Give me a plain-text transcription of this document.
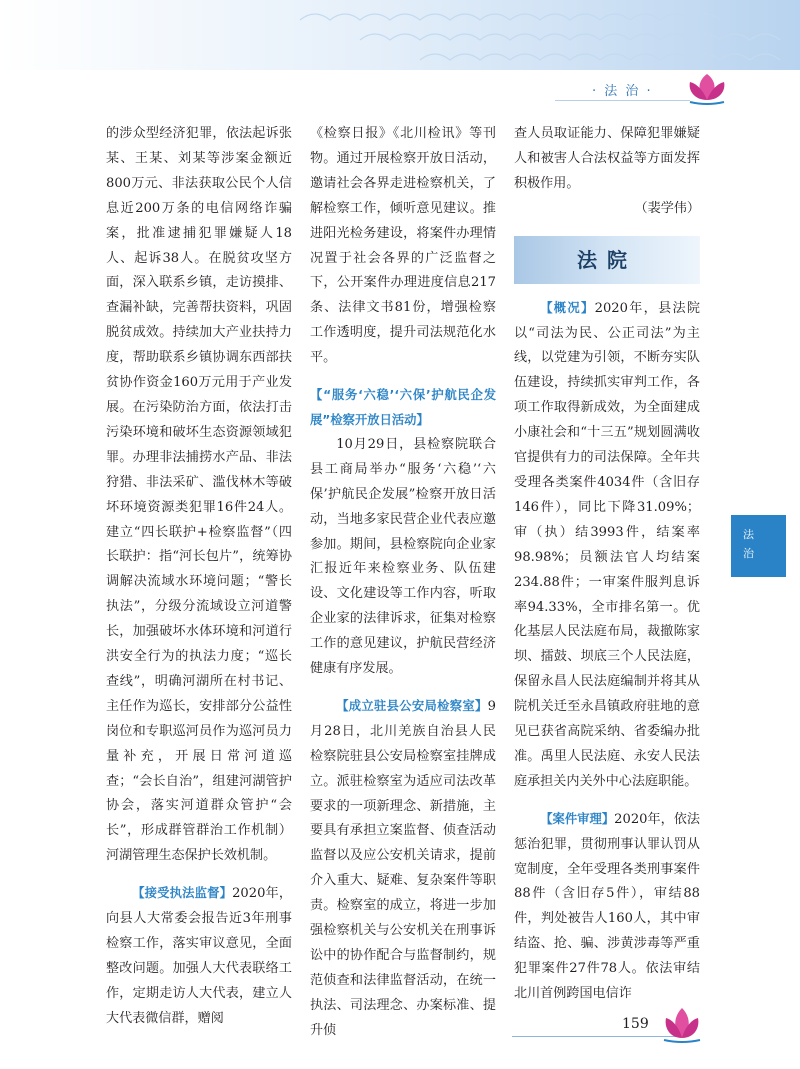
· 法 治 ·

的涉众型经济犯罪，依法起诉张某、王某、刘某等涉案金额近800万元、非法获取公民个人信息近200万条的电信网络诈骗案，批准逮捕犯罪嫌疑人18人、起诉38人。在脱贫攻坚方面，深入联系乡镇，走访摸排、查漏补缺，完善帮扶资料，巩固脱贫成效。持续加大产业扶持力度，帮助联系乡镇协调东西部扶贫协作资金160万元用于产业发展。在污染防治方面，依法打击污染环境和破坏生态资源领域犯罪。办理非法捕捞水产品、非法狩猎、非法采矿、滥伐林木等破坏环境资源类犯罪16件24人。建立“四长联护+检察监督”（四长联护：指“河长包片”，统筹协调解决流域水环境问题；“警长执法”，分级分流域设立河道警长，加强破坏水体环境和河道行洪安全行为的执法力度；“巡长查线”，明确河湖所在村书记、主任作为巡长，安排部分公益性岗位和专职巡河员作为巡河员力量补充，开展日常河道巡查；“会长自治”，组建河湖管护协会，落实河道群众管护“会长”，形成群管群治工作机制）河湖管理生态保护长效机制。

【接受执法监督】2020年，向县人大常委会报告近3年刑事检察工作，落实审议意见，全面整改问题。加强人大代表联络工作，定期走访人大代表，建立人大代表微信群，赠阅

《检察日报》《北川检讯》等刊物。通过开展检察开放日活动，邀请社会各界走进检察机关，了解检察工作，倾听意见建议。推进阳光检务建设，将案件办理情况置于社会各界的广泛监督之下，公开案件办理进度信息217条、法律文书81份，增强检察工作透明度，提升司法规范化水平。

【“服务‘六稳’‘六保’护航民企发展”检察开放日活动】

10月29日，县检察院联合县工商局举办“服务‘六稳’‘六保’护航民企发展”检察开放日活动，当地多家民营企业代表应邀参加。期间，县检察院向企业家汇报近年来检察业务、队伍建设、文化建设等工作内容，听取企业家的法律诉求，征集对检察工作的意见建议，护航民营经济健康有序发展。

【成立驻县公安局检察室】9月28日，北川羌族自治县人民检察院驻县公安局检察室挂牌成立。派驻检察室为适应司法改革要求的一项新理念、新措施，主要具有承担立案监督、侦查活动监督以及应公安机关请求，提前介入重大、疑难、复杂案件等职责。检察室的成立，将进一步加强检察机关与公安机关在刑事诉讼中的协作配合与监督制约，规范侦查和法律监督活动，在统一执法、司法理念、办案标准、提升侦

查人员取证能力、保障犯罪嫌疑人和被害人合法权益等方面发挥积极作用。

（裴学伟）

法院

【概况】2020年，县法院以“司法为民、公正司法”为主线，以党建为引领，不断夯实队伍建设，持续抓实审判工作，各项工作取得新成效，为全面建成小康社会和“十三五”规划圆满收官提供有力的司法保障。全年共受理各类案件4034件（含旧存146件），同比下降31.09%；审（执）结3993件，结案率98.98%；员额法官人均结案234.88件；一审案件服判息诉率94.33%，全市排名第一。优化基层人民法庭布局，裁撤陈家坝、擂鼓、坝底三个人民法庭，保留永昌人民法庭编制并将其从院机关迁至永昌镇政府驻地的意见已获省高院采纳、省委编办批准。禹里人民法庭、永安人民法庭承担关内关外中心法庭职能。

【案件审理】2020年，依法惩治犯罪，贯彻刑事认罪认罚从宽制度，全年受理各类刑事案件88件（含旧存5件），审结88件，判处被告人160人，其中审结盗、抢、骗、涉黄涉毒等严重犯罪案件27件78人。依法审结北川首例跨国电信诈

法
治
159
